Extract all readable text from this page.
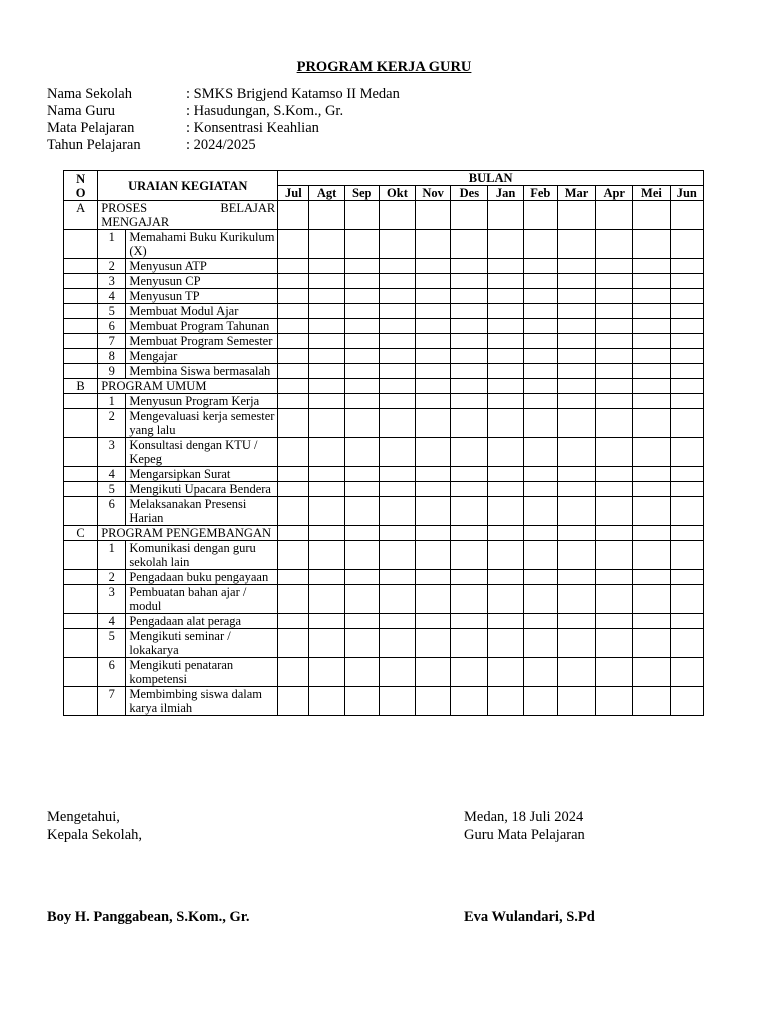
PROGRAM KERJA GURU
Nama Sekolah	: SMKS Brigjend Katamso II Medan
Nama Guru	: Hasudungan, S.Kom., Gr.
Mata Pelajaran	: Konsentrasi Keahlian
Tahun Pelajaran	: 2024/2025
N O	URAIAN KEGIATAN		BULAN											
			Jul	Agt	Sep	Okt	Nov	Des	Jan	Feb	Mar	Apr	Mei	Jun
A	PROSES BELAJAR MENGAJAR													
	1	Memahami Buku Kurikulum (X)												
	2	Menyusun ATP												
	3	Menyusun CP												
	4	Menyusun TP												
	5	Membuat Modul Ajar												
	6	Membuat Program Tahunan												
	7	Membuat Program Semester												
	8	Mengajar												
	9	Membina Siswa bermasalah												
B	PROGRAM UMUM													
	1	Menyusun Program Kerja												
	2	Mengevaluasi kerja semester yang lalu												
	3	Konsultasi dengan KTU / Kepeg												
	4	Mengarsipkan Surat												
	5	Mengikuti Upacara Bendera												
	6	Melaksanakan Presensi Harian												
C	PROGRAM PENGEMBANGAN													
	1	Komunikasi dengan guru sekolah lain												
	2	Pengadaan buku pengayaan												
	3	Pembuatan bahan ajar / modul												
	4	Pengadaan alat peraga												
	5	Mengikuti seminar / lokakarya												
	6	Mengikuti penataran kompetensi												
	7	Membimbing siswa dalam karya ilmiah												
Mengetahui,
Kepala Sekolah,
Medan, 18 Juli 2024
Guru Mata Pelajaran
Boy H. Panggabean, S.Kom., Gr.	Eva Wulandari, S.Pd
